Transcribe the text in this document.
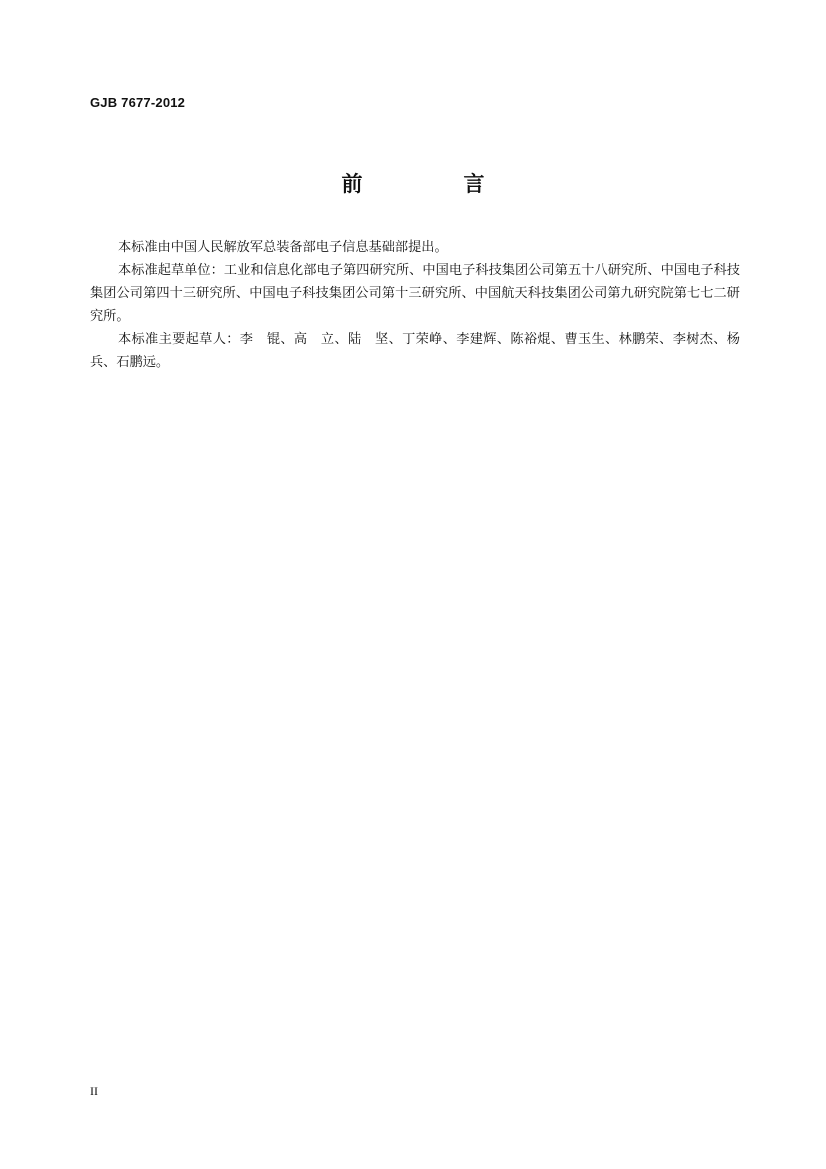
GJB 7677-2012
前　言

本标准由中国人民解放军总装备部电子信息基础部提出。

本标准起草单位：工业和信息化部电子第四研究所、中国电子科技集团公司第五十八研究所、中国电子科技集团公司第四十三研究所、中国电子科技集团公司第十三研究所、中国航天科技集团公司第九研究院第七七二研究所。

本标准主要起草人：李　锟、高　立、陆　坚、丁荣峥、李建辉、陈裕焜、曹玉生、林鹏荣、李树杰、杨　兵、石鹏远。

II
